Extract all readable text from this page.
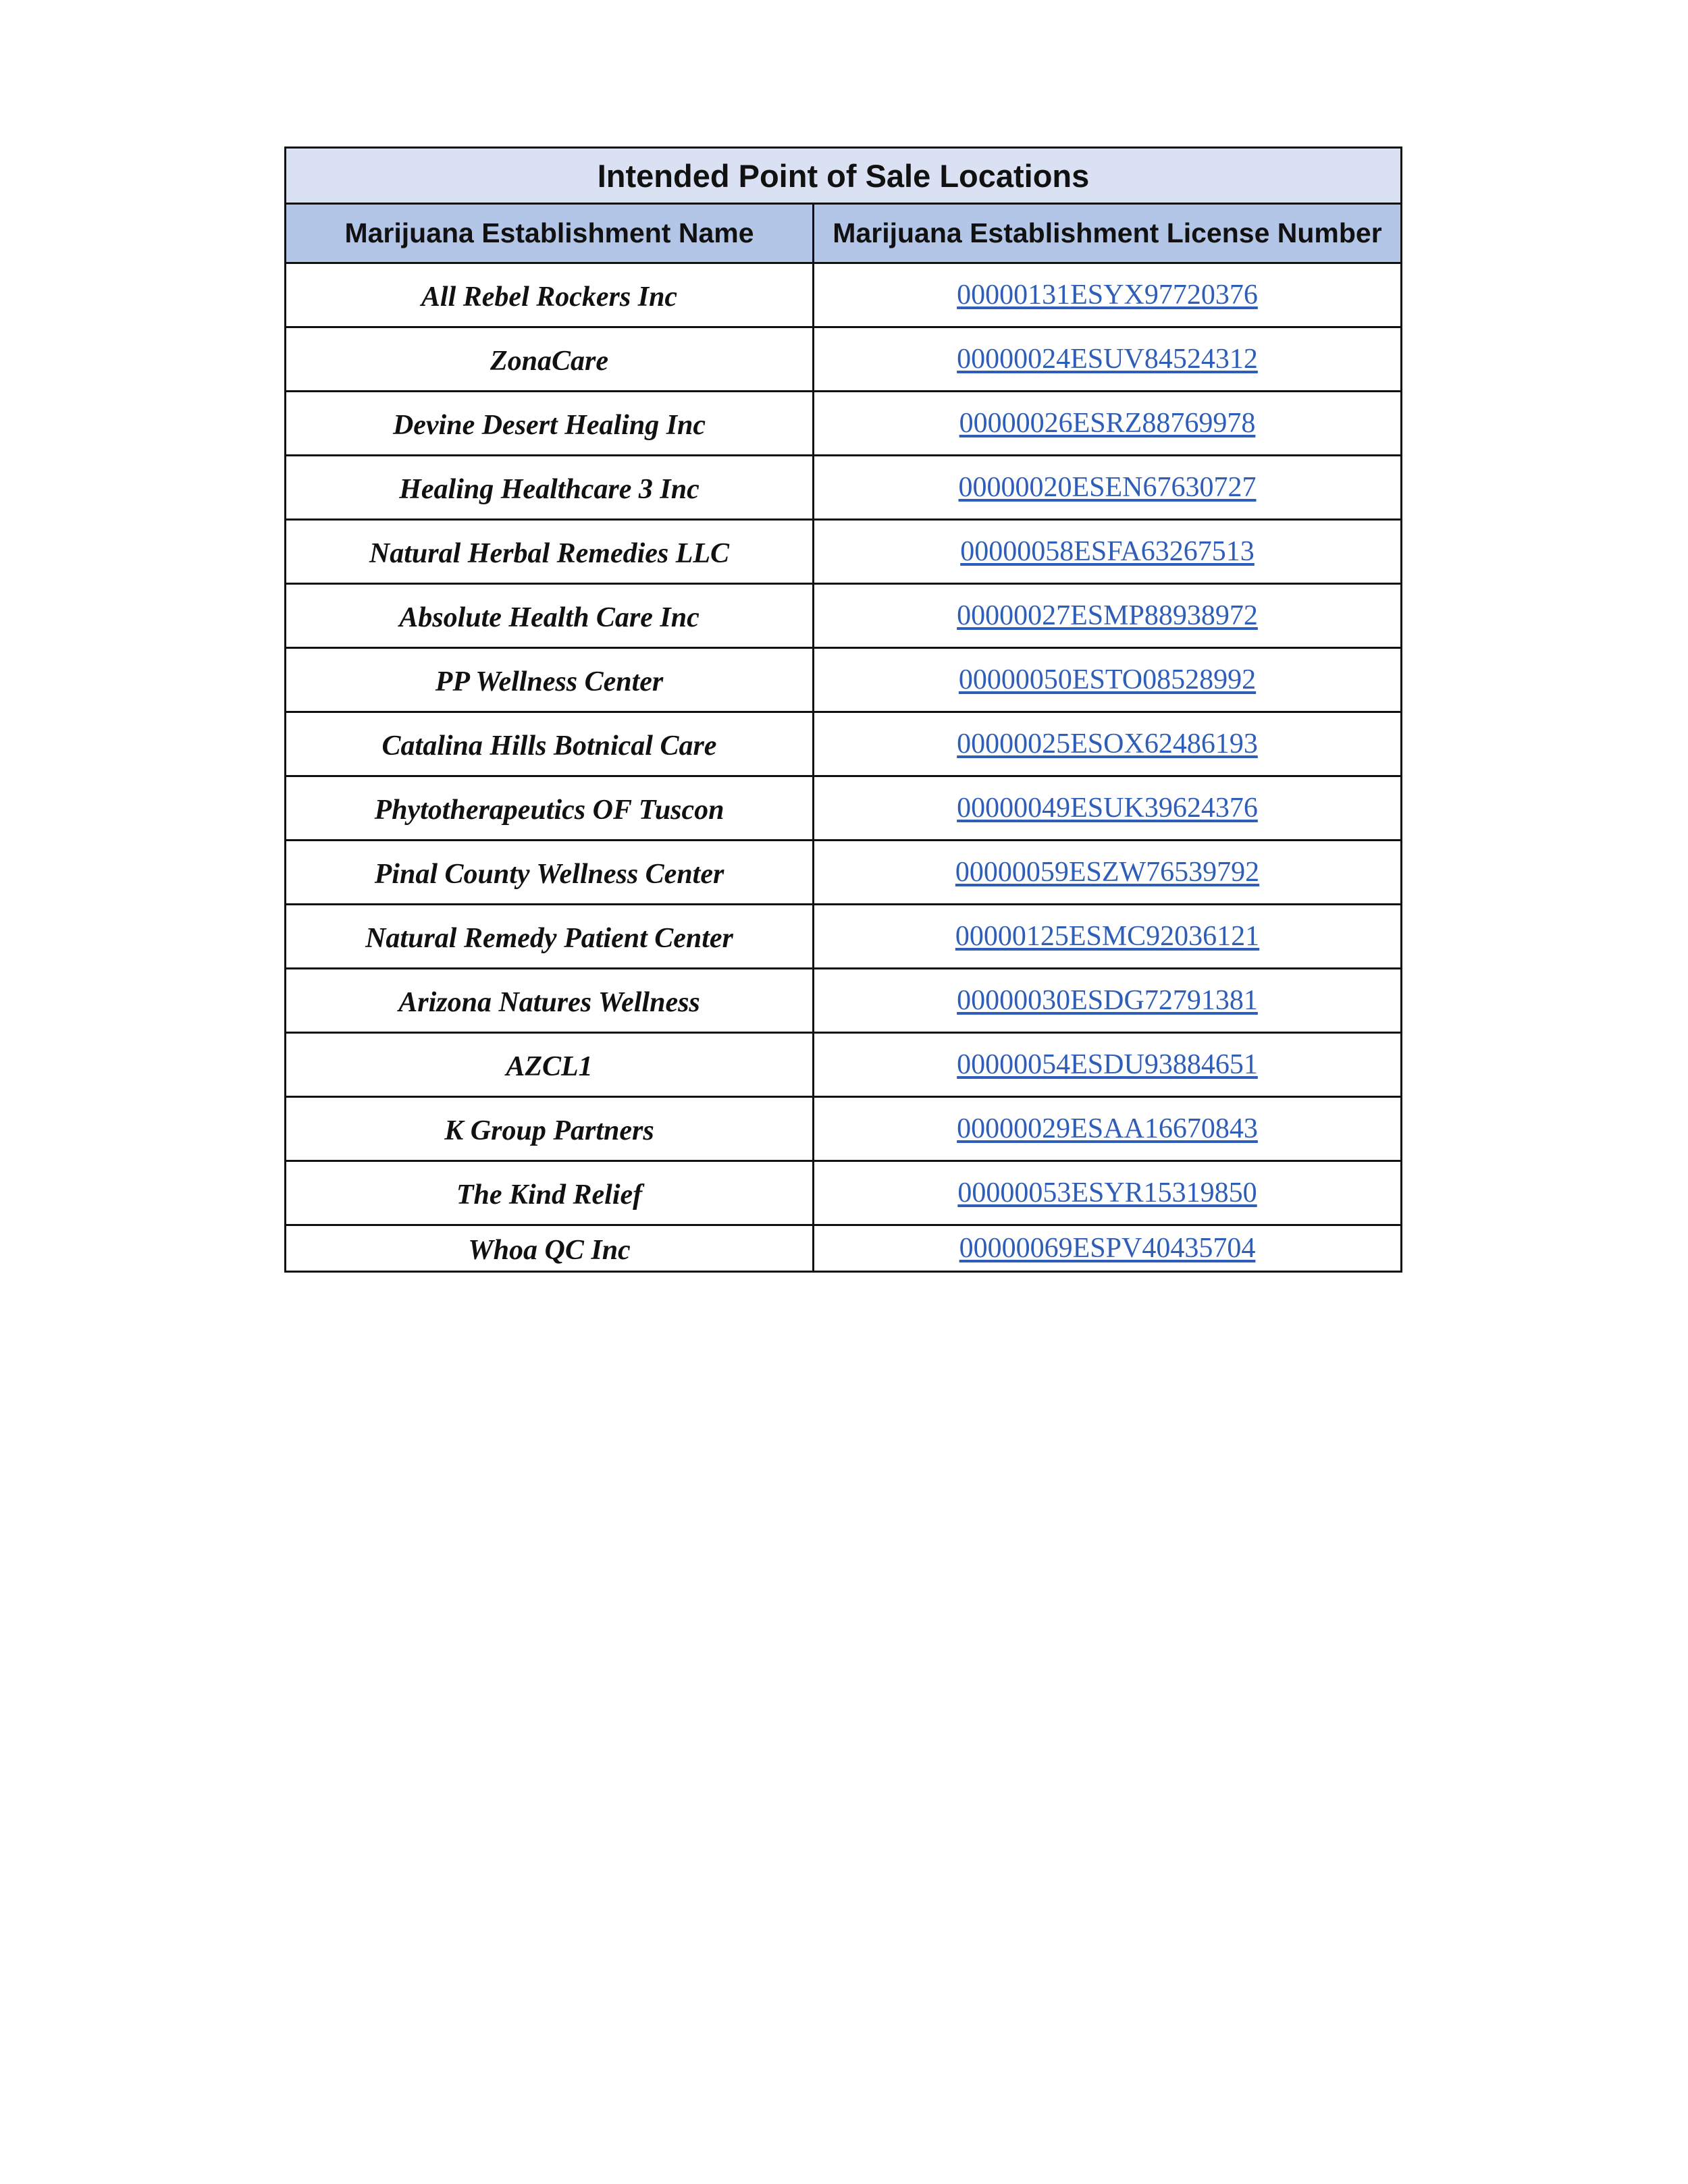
Intended Point of Sale Locations	
Marijuana Establishment Name	Marijuana Establishment License Number
All Rebel Rockers Inc	00000131ESYX97720376
ZonaCare	00000024ESUV84524312
Devine Desert Healing Inc	00000026ESRZ88769978
Healing Healthcare 3 Inc	00000020ESEN67630727
Natural Herbal Remedies LLC	00000058ESFA63267513
Absolute Health Care Inc	00000027ESMP88938972
PP Wellness Center	00000050ESTO08528992
Catalina Hills Botnical Care	00000025ESOX62486193
Phytotherapeutics OF Tuscon	00000049ESUK39624376
Pinal County Wellness Center	00000059ESZW76539792
Natural Remedy Patient Center	00000125ESMC92036121
Arizona Natures Wellness	00000030ESDG72791381
AZCL1	00000054ESDU93884651
K Group Partners	00000029ESAA16670843
The Kind Relief	00000053ESYR15319850
Whoa QC Inc	00000069ESPV40435704
